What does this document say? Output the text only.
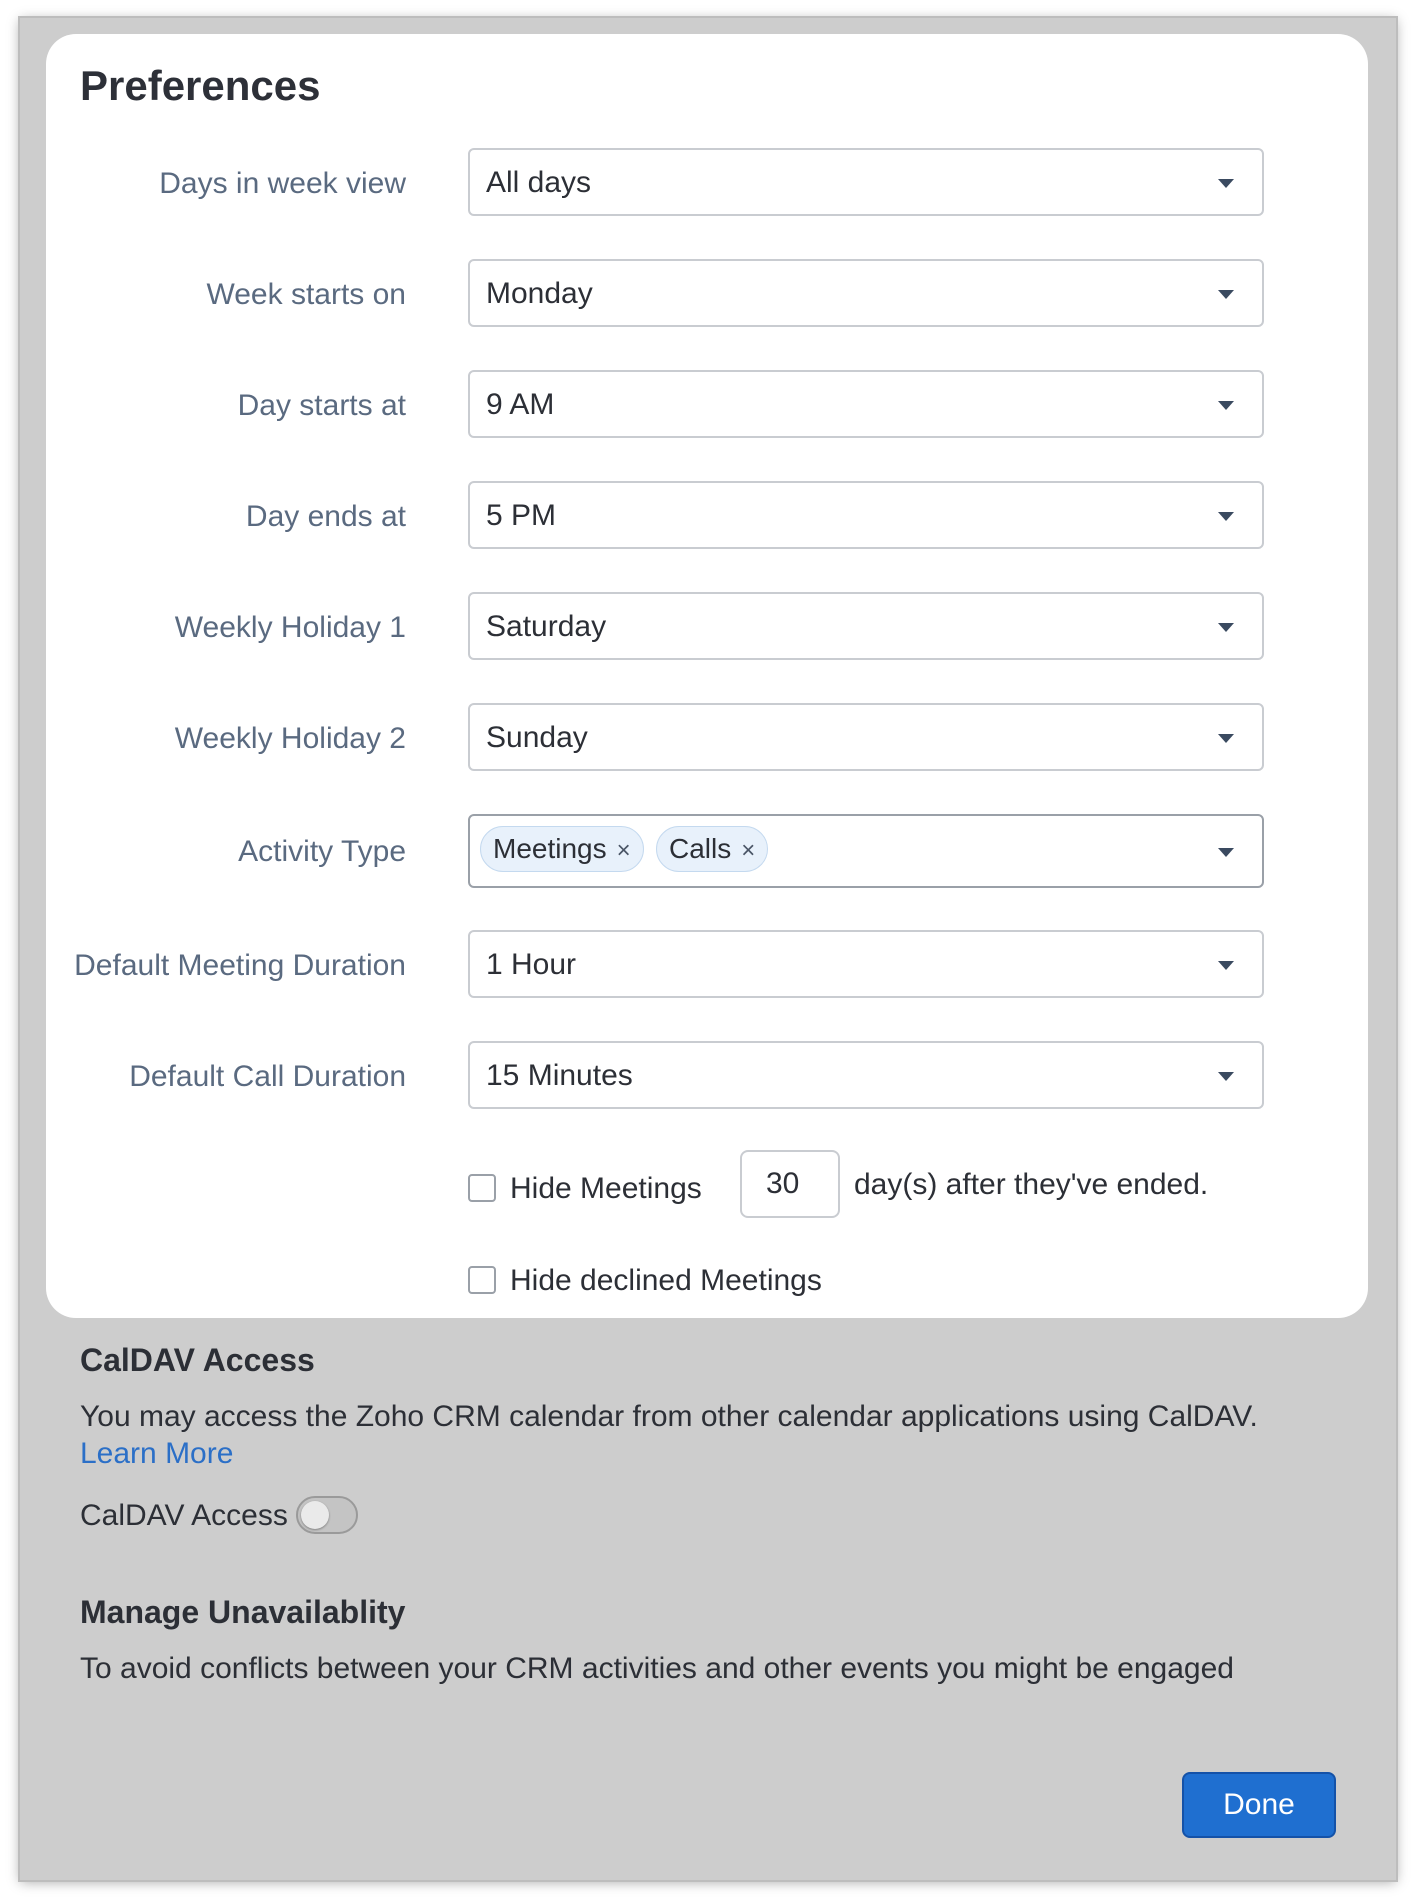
Preferences
Days in week view	All days
Week starts on	Monday
Day starts at	9 AM
Day ends at	5 PM
Weekly Holiday 1	Saturday
Weekly Holiday 2	Sunday
Activity Type	Meetings ×	Calls ×
Default Meeting Duration	1 Hour
Default Call Duration	15 Minutes
Hide Meetings
30	day(s) after they've ended.
Hide declined Meetings
CalDAV Access
You may access the Zoho CRM calendar from other calendar applications using CalDAV. Learn More
CalDAV Access
Manage Unavailablity
To avoid conflicts between your CRM activities and other events you might be engaged
Done
